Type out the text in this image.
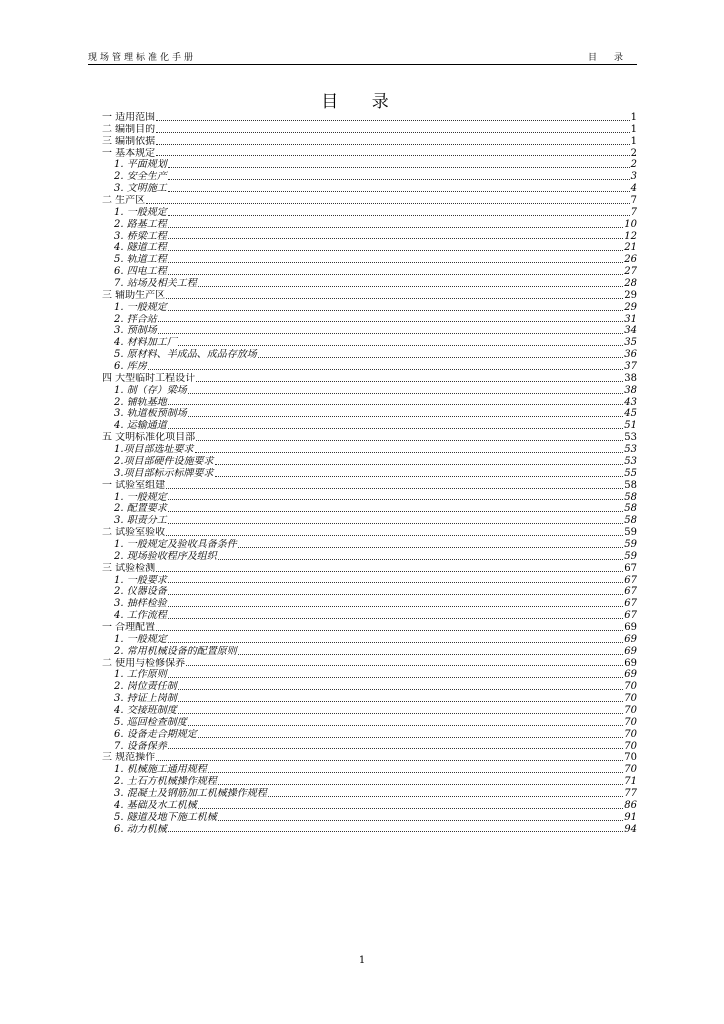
现场管理标准化手册	目录
目 录
一 适用范围	1
二 编制目的	1
三 编制依据	1
一 基本规定	2
1. 平面规划	2
2. 安全生产	3
3. 文明施工	4
二 生产区	7
1. 一般规定	7
2. 路基工程	10
3. 桥梁工程	12
4. 隧道工程	21
5. 轨道工程	26
6. 四电工程	27
7. 站场及相关工程	28
三 辅助生产区	29
1. 一般规定	29
2. 拌合站	31
3. 预制场	34
4. 材料加工厂	35
5. 原材料、半成品、成品存放场	36
6. 库房	37
四 大型临时工程设计	38
1. 制（存）梁场	38
2. 铺轨基地	43
3. 轨道板预制场	45
4. 运输通道	51
五 文明标准化项目部	53
1.项目部选址要求	53
2.项目部硬件设施要求	53
3.项目部标示标牌要求	55
一 试验室组建	58
1. 一般规定	58
2. 配置要求	58
3. 职责分工	58
二 试验室验收	59
1. 一般规定及验收具备条件	59
2. 现场验收程序及组织	59
三 试验检测	67
1. 一般要求	67
2. 仪器设备	67
3. 抽样检验	67
4. 工作流程	67
一 合理配置	69
1. 一般规定	69
2. 常用机械设备的配置原则	69
二 使用与检修保养	69
1. 工作原则	69
2. 岗位责任制	70
3. 持证上岗制	70
4. 交接班制度	70
5. 巡回检查制度	70
6. 设备走合期规定	70
7. 设备保养	70
三 规范操作	70
1. 机械施工通用规程	70
2. 土石方机械操作规程	71
3. 混凝土及钢筋加工机械操作规程	77
4. 基础及水工机械	86
5. 隧道及地下施工机械	91
6. 动力机械	94
1
